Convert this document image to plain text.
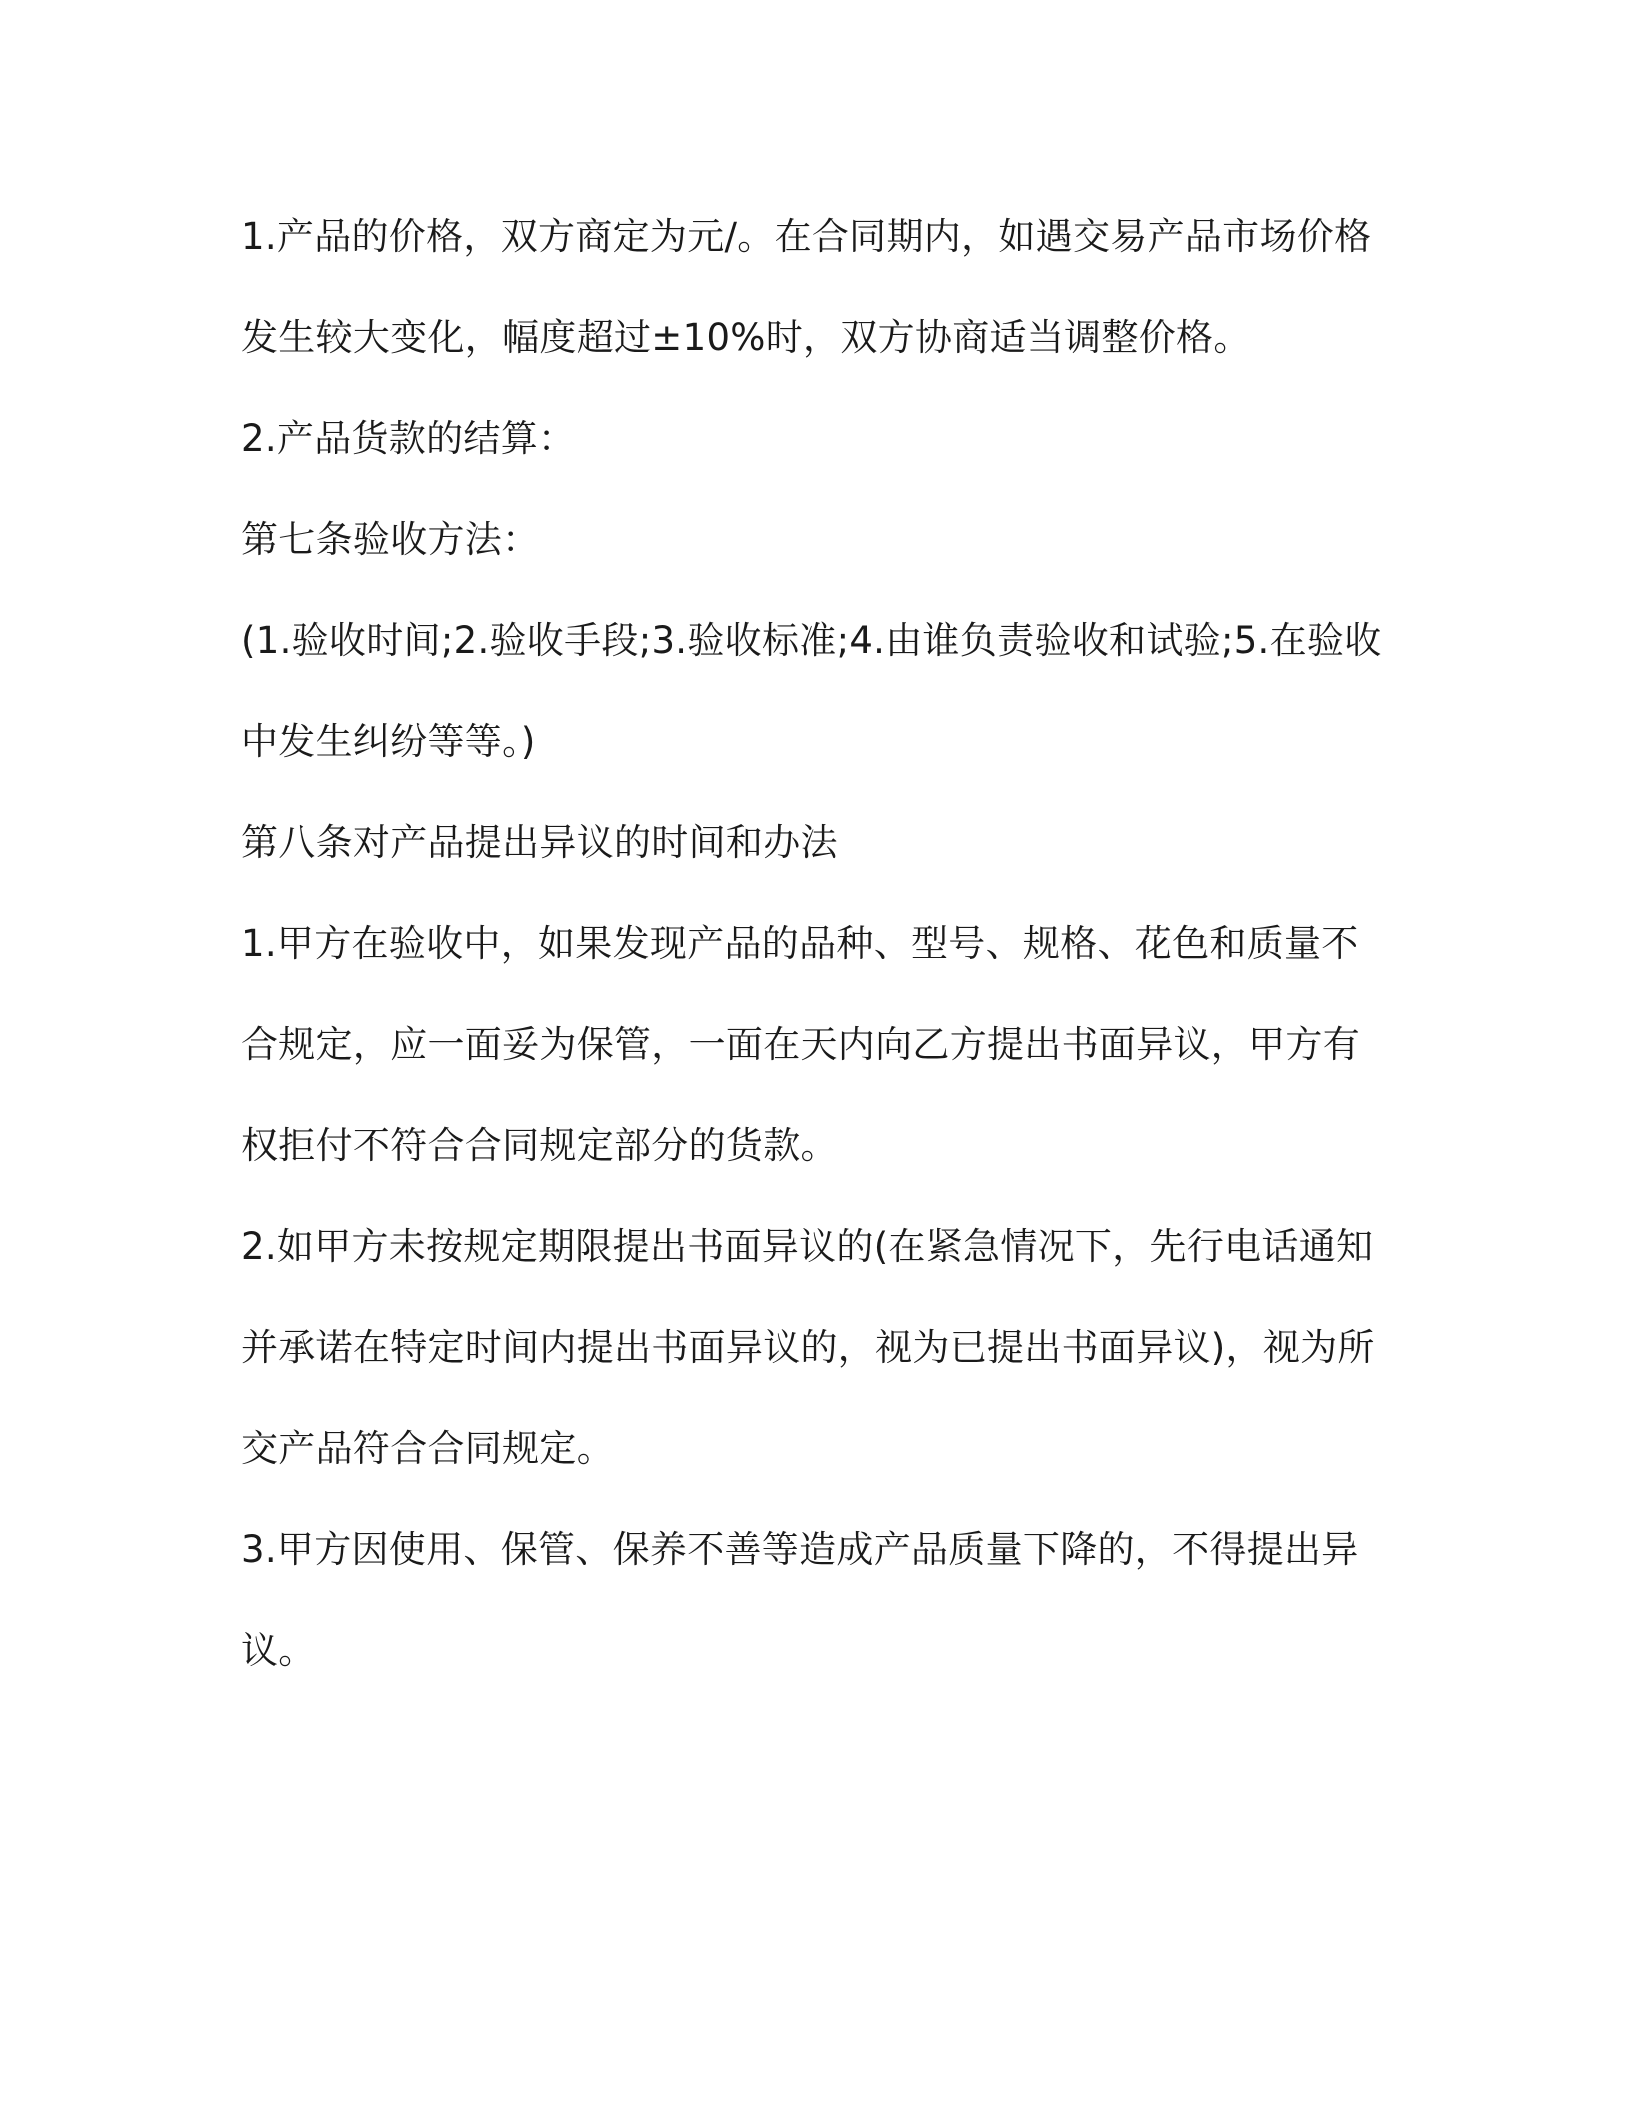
1.产品的价格，双方商定为元/。在合同期内，如遇交易产品市场价格
发生较大变化，幅度超过±10%时，双方协商适当调整价格。
2.产品货款的结算：
第七条验收方法：
(1.验收时间;2.验收手段;3.验收标准;4.由谁负责验收和试验;5.在验收
中发生纠纷等等。)
第八条对产品提出异议的时间和办法
1.甲方在验收中，如果发现产品的品种、型号、规格、花色和质量不
合规定，应一面妥为保管，一面在天内向乙方提出书面异议，甲方有
权拒付不符合合同规定部分的货款。
2.如甲方未按规定期限提出书面异议的(在紧急情况下，先行电话通知
并承诺在特定时间内提出书面异议的，视为已提出书面异议)，视为所
交产品符合合同规定。
3.甲方因使用、保管、保养不善等造成产品质量下降的，不得提出异
议。
